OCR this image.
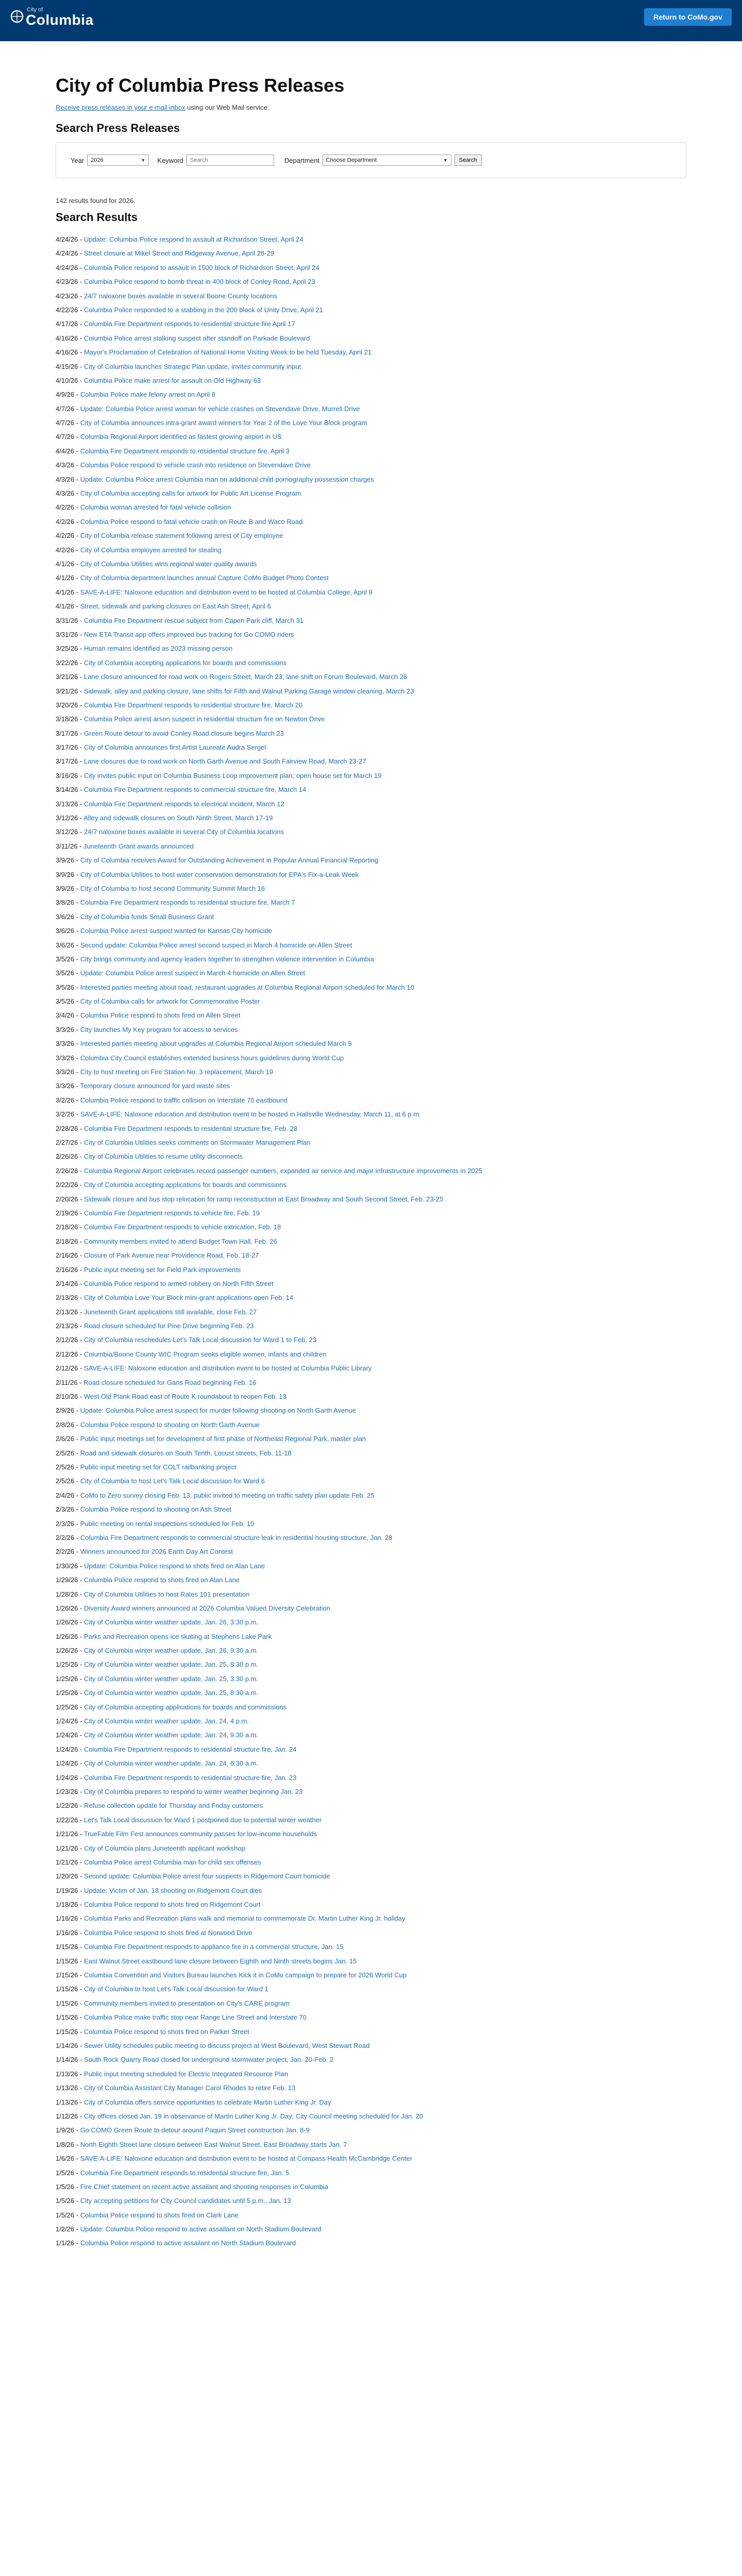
City of
Columbia	Return to CoMo.gov
City of Columbia Press Releases

Receive press releases in your e-mail inbox using our Web Mail service.

Search Press Releases
Year 2026	▼ Keyword
Search	Department Choose Department	▼	Search

142 results found for 2026.

Search Results
4/24/26 - Update: Columbia Police respond to assault at Richardson Street, April 24
4/24/26 - Street closure at Mikel Street and Ridgeway Avenue, April 28-29
4/24/26 - Columbia Police respond to assault in 1500 block of Richardson Street, April 24
4/23/26 - Columbia Police respond to bomb threat in 400 block of Conley Road, April 23
4/23/26 - 24/7 naloxone boxes available in several Boone County locations
4/22/26 - Columbia Police responded to a stabbing in the 200 block of Unity Drive, April 21
4/17/26 - Columbia Fire Department responds to residential structure fire April 17
4/16/26 - Columbia Police arrest stalking suspect after standoff on Parkade Boulevard
4/16/26 - Mayor's Proclamation of Celebration of National Home Visiting Week to be held Tuesday, April 21
4/15/26 - City of Columbia launches Strategic Plan update, invites community input
4/10/26 - Columbia Police make arrest for assault on Old Highway 63
4/9/26 - Columbia Police make felony arrest on April 8
4/7/26 - Update: Columbia Police arrest woman for vehicle crashes on Stevendave Drive, Murrell Drive
4/7/26 - City of Columbia announces intra-grant award winners for Year 2 of the Love Your Block program
4/7/26 - Columbia Regional Airport identified as fastest growing airport in US
4/4/26 - Columbia Fire Department responds to residential structure fire, April 3
4/3/26 - Columbia Police respond to vehicle crash into residence on Stevendave Drive
4/3/26 - Update: Columbia Police arrest Columbia man on additional child pornography possession charges
4/3/26 - City of Columbia accepting calls for artwork for Public Art License Program
4/2/26 - Columbia woman arrested for fatal vehicle collision
4/2/26 - Columbia Police respond to fatal vehicle crash on Route B and Waco Road
4/2/26 - City of Columbia release statement following arrest of City employee
4/2/26 - City of Columbia employee arrested for stealing
4/1/26 - City of Columbia Utilities wins regional water quality awards
4/1/26 - City of Columbia department launches annual Capture CoMo Budget Photo Contest
4/1/26 - SAVE-A-LIFE: Naloxone education and distribution event to be hosted at Columbia College, April 9
4/1/26 - Street, sidewalk and parking closures on East Ash Street, April 6
3/31/26 - Columbia Fire Department rescue subject from Capen Park cliff, March 31
3/31/26 - New ETA Transit app offers improved bus tracking for Go COMO riders
3/25/26 - Human remains identified as 2023 missing person
3/22/26 - City of Columbia accepting applications for boards and commissions
3/21/26 - Lane closure announced for road work on Rogers Street, March 23; lane shift on Forum Boulevard, March 26
3/21/26 - Sidewalk, alley and parking closure, lane shifts for Fifth and Walnut Parking Garage window cleaning, March 23
3/20/26 - Columbia Fire Department responds to residential structure fire, March 20
3/18/26 - Columbia Police arrest arson suspect in residential structure fire on Newton Drive
3/17/26 - Green Route detour to avoid Conley Road closure begins March 23
3/17/26 - City of Columbia announces first Artist Laureate Audra Sergel
3/17/26 - Lane closures due to road work on North Garth Avenue and South Fairview Road, March 23-27
3/16/26 - City invites public input on Columbia Business Loop improvement plan; open house set for March 19
3/14/26 - Columbia Fire Department responds to commercial structure fire, March 14
3/13/26 - Columbia Fire Department responds to electrical incident, March 12
3/12/26 - Alley and sidewalk closures on South Ninth Street, March 17-19
3/12/26 - 24/7 naloxone boxes available in several City of Columbia locations
3/11/26 - Juneteenth Grant awards announced
3/9/26 - City of Columbia receives Award for Outstanding Achievement in Popular Annual Financial Reporting
3/9/26 - City of Columbia Utilities to host water conservation demonstration for EPA's Fix-a-Leak Week
3/9/26 - City of Columbia to host second Community Summit March 16
3/8/26 - Columbia Fire Department responds to residential structure fire, March 7
3/6/26 - City of Columbia funds Small Business Grant
3/6/26 - Columbia Police arrest suspect wanted for Kansas City homicide
3/6/26 - Second update: Columbia Police arrest second suspect in March 4 homicide on Allen Street
3/5/26 - City brings community and agency leaders together to strengthen violence intervention in Columbia
3/5/26 - Update: Columbia Police arrest suspect in March 4 homicide on Allen Street
3/5/26 - Interested parties meeting about road, restaurant upgrades at Columbia Regional Airport scheduled for March 10
3/5/26 - City of Columbia calls for artwork for Commemorative Poster
3/4/26 - Columbia Police respond to shots fired on Allen Street
3/3/26 - City launches My Key program for access to services
3/3/26 - Interested parties meeting about upgrades at Columbia Regional Airport scheduled March 9
3/3/26 - Columbia City Council establishes extended business hours guidelines during World Cup
3/3/26 - City to host meeting on Fire Station No. 3 replacement, March 19
3/3/26 - Temporary closure announced for yard waste sites
3/2/26 - Columbia Police respond to traffic collision on Interstate 70 eastbound
3/2/26 - SAVE-A-LIFE: Naloxone education and distribution event to be hosted in Hallsville Wednesday, March 11, at 6 p.m.
2/28/26 - Columbia Fire Department responds to residential structure fire, Feb. 28
2/27/26 - City of Columbia Utilities seeks comments on Stormwater Management Plan
2/26/26 - City of Columbia Utilities to resume utility disconnects
2/26/26 - Columbia Regional Airport celebrates record passenger numbers, expanded air service and major infrastructure improvements in 2025
2/22/26 - City of Columbia accepting applications for boards and commissions
2/20/26 - Sidewalk closure and bus stop relocation for ramp reconstruction at East Broadway and South Second Street, Feb. 23-25
2/19/26 - Columbia Fire Department responds to vehicle fire, Feb. 19
2/18/26 - Columbia Fire Department responds to vehicle extrication, Feb. 18
2/18/26 - Community members invited to attend Budget Town Hall, Feb. 26
2/16/26 - Closure of Park Avenue near Providence Road, Feb. 18-27
2/16/26 - Public input meeting set for Field Park improvements
2/14/26 - Columbia Police respond to armed robbery on North Fifth Street
2/13/26 - City of Columbia Love Your Block mini-grant applications open Feb. 14
2/13/26 - Juneteenth Grant applications still available, close Feb. 27
2/13/26 - Road closure scheduled for Pine Drive beginning Feb. 23
2/12/26 - City of Columbia reschedules Let's Talk Local discussion for Ward 1 to Feb. 23
2/12/26 - Columbia/Boone County WIC Program seeks eligible women, infants and children
2/12/26 - SAVE-A-LIFE: Naloxone education and distribution event to be hosted at Columbia Public Library
2/11/26 - Road closure scheduled for Gans Road beginning Feb. 16
2/10/26 - West Old Plank Road east of Route K roundabout to reopen Feb. 13
2/9/26 - Update: Columbia Police arrest suspect for murder following shooting on North Garth Avenue
2/8/26 - Columbia Police respond to shooting on North Garth Avenue
2/6/26 - Public input meetings set for development of first phase of Northeast Regional Park, master plan
2/5/26 - Road and sidewalk closures on South Tenth, Locust streets, Feb. 11-18
2/5/26 - Public input meeting set for COLT railbanking project
2/5/26 - City of Columbia to host Let's Talk Local discussion for Ward 6
2/4/26 - CoMo to Zero survey closing Feb. 13, public invited to meeting on traffic safety plan update Feb. 25
2/3/26 - Columbia Police respond to shooting on Ash Street
2/3/26 - Public meeting on rental inspections scheduled for Feb. 10
2/2/26 - Columbia Fire Department responds to commercial structure leak in residential housing structure, Jan. 28
2/2/26 - Winners announced for 2026 Earth Day Art Contest
1/30/26 - Update: Columbia Police respond to shots fired on Alan Lane
1/29/26 - Columbia Police respond to shots fired on Alan Lane
1/28/26 - City of Columbia Utilities to host Rates 101 presentation
1/26/26 - Diversity Award winners announced at 2026 Columbia Valued Diversity Celebration
1/26/26 - City of Columbia winter weather update, Jan. 26, 3:30 p.m.
1/26/26 - Parks and Recreation opens ice skating at Stephens Lake Park
1/26/26 - City of Columbia winter weather update, Jan. 26, 9:30 a.m.
1/25/26 - City of Columbia winter weather update, Jan. 25, 8:30 p.m.
1/25/26 - City of Columbia winter weather update, Jan. 25, 3:30 p.m.
1/25/26 - City of Columbia winter weather update, Jan. 25, 8:30 a.m.
1/25/26 - City of Columbia accepting applications for boards and commissions
1/24/26 - City of Columbia winter weather update, Jan. 24, 4 p.m.
1/24/26 - City of Columbia winter weather update, Jan. 24, 9:30 a.m.
1/24/26 - Columbia Fire Department responds to residential structure fire, Jan. 24
1/24/26 - City of Columbia winter weather update, Jan. 24, 6:30 a.m.
1/24/26 - Columbia Fire Department responds to residential structure fire, Jan. 23
1/23/26 - City of Columbia prepares to respond to winter weather beginning Jan. 23
1/22/26 - Refuse collection update for Thursday and Friday customers
1/22/26 - Let's Talk Local discussion for Ward 1 postponed due to potential winter weather
1/21/26 - TrueFable Film Fest announces community passes for low-income households
1/21/26 - City of Columbia plans Juneteenth applicant workshop
1/21/26 - Columbia Police arrest Columbia man for child sex offenses
1/20/26 - Second update: Columbia Police arrest four suspects in Ridgemont Court homicide
1/19/26 - Update: Victim of Jan. 18 shooting on Ridgemont Court dies
1/18/26 - Columbia Police respond to shots fired on Ridgemont Court
1/16/26 - Columbia Parks and Recreation plans walk and memorial to commemorate Dr. Martin Luther King Jr. holiday
1/16/26 - Columbia Police respond to shots fired at Norwood Drive
1/15/26 - Columbia Fire Department responds to appliance fire in a commercial structure, Jan. 15
1/15/26 - East Walnut Street eastbound lane closure between Eighth and Ninth streets begins Jan. 15
1/15/26 - Columbia Convention and Visitors Bureau launches Kick it in CoMo campaign to prepare for 2026 World Cup
1/15/26 - City of Columbia to host Let's Talk Local discussion for Ward 1
1/15/26 - Community members invited to presentation on City's CARE program
1/15/26 - Columbia Police make traffic stop near Range Line Street and Interstate 70
1/15/26 - Columbia Police respond to shots fired on Parker Street
1/14/26 - Sewer Utility schedules public meeting to discuss project at West Boulevard, West Stewart Road
1/14/26 - South Rock Quarry Road closed for underground stormwater project, Jan. 20-Feb. 2
1/13/26 - Public input meeting scheduled for Electric Integrated Resource Plan
1/13/26 - City of Columbia Assistant City Manager Carol Rhodes to retire Feb. 13
1/13/26 - City of Columbia offers service opportunities to celebrate Martin Luther King Jr. Day
1/12/26 - City offices closed Jan. 19 in observance of Martin Luther King Jr. Day; City Council meeting scheduled for Jan. 20
1/9/26 - Go COMO Green Route to detour around Paquin Street construction Jan. 8-9
1/8/26 - North Eighth Street lane closure between East Walnut Street, East Broadway starts Jan. 7
1/6/26 - SAVE-A-LIFE: Naloxone education and distribution event to be hosted at Compass Health McCambridge Center
1/5/26 - Columbia Fire Department responds to residential structure fire, Jan. 5
1/5/26 - Fire Chief statement on recent active assailant and shooting responses in Columbia
1/5/26 - City accepting petitions for City Council candidates until 5 p.m., Jan. 13
1/5/26 - Columbia Police respond to shots fired on Clark Lane
1/2/26 - Update: Columbia Police respond to active assailant on North Stadium Boulevard
1/1/26 - Columbia Police respond to active assailant on North Stadium Boulevard
